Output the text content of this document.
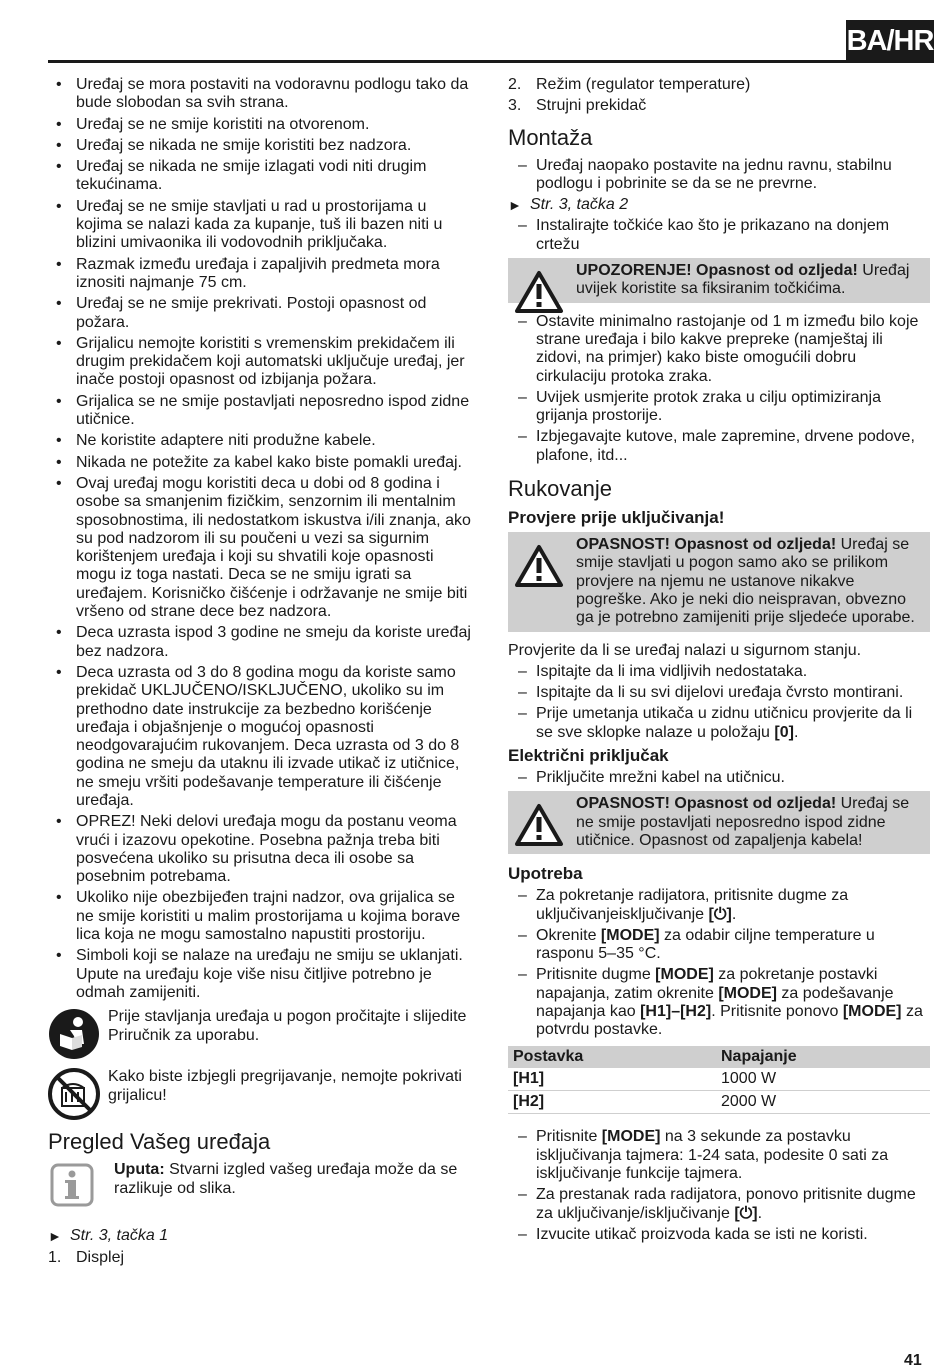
BA/HR
• Uređaj se mora postaviti na vodoravnu podlogu tako da bude slobodan sa svih strana.
• Uređaj se ne smije koristiti na otvorenom.
• Uređaj se nikada ne smije koristiti bez nadzora.
• Uređaj se nikada ne smije izlagati vodi niti drugim tekućinama.
• Uređaj se ne smije stavljati u rad u prostorijama u kojima se nalazi kada za kupanje, tuš ili bazen niti u blizini umivaonika ili vodovodnih priključaka.
• Razmak između uređaja i zapaljivih predmeta mora iznositi najmanje 75 cm.
• Uređaj se ne smije prekrivati. Postoji opasnost od požara.
• Grijalicu nemojte koristiti s vremenskim prekidačem ili drugim prekidačem koji automatski uključuje uređaj, jer inače postoji opasnost od izbijanja požara.
• Grijalica se ne smije postavljati neposredno ispod zidne utičnice.
• Ne koristite adaptere niti produžne kabele.
• Nikada ne potežite za kabel kako biste pomakli uređaj.
• Ovaj uređaj mogu koristiti deca u dobi od 8 godina i osobe sa smanjenim fizičkim, senzornim ili mentalnim sposobnostima, ili nedostatkom iskustva i/ili znanja, ako su pod nadzorom ili su poučeni u vezi sa sigurnim korištenjem uređaja i koji su shvatili koje opasnosti mogu iz toga nastati. Deca se ne smiju igrati sa uređajem. Korisničko čišćenje i održavanje ne smije biti vršeno od strane dece bez nadzora.
• Deca uzrasta ispod 3 godine ne smeju da koriste uređaj bez nadzora.
• Deca uzrasta od 3 do 8 godina mogu da koriste samo prekidač UKLJUČENO/ISKLJUČENO, ukoliko su im prethodno date instrukcije za bezbedno korišćenje uređaja i objašnjenje o mogućoj opasnosti neodgovarajućim rukovanjem. Deca uzrasta od 3 do 8 godina ne smeju da utaknu ili izvade utikač iz utičnice, ne smeju vršiti podešavanje temperature ili čišćenje uređaja.
• OPREZ! Neki delovi uređaja mogu da postanu veoma vrući i izazovu opekotine. Posebna pažnja treba biti posvećena ukoliko su prisutna deca ili osobe sa posebnim potrebama.
• Ukoliko nije obezbijeđen trajni nadzor, ova grijalica se ne smije koristiti u malim prostorijama u kojima borave lica koja ne mogu samostalno napustiti prostoriju.
• Simboli koji se nalaze na uređaju ne smiju se uklanjati. Upute na uređaju koje više nisu čitljive potrebno je odmah zamijeniti.
Prije stavljanja uređaja u pogon pročitajte i slijedite Priručnik za uporabu.
Kako biste izbjegli pregrijavanje, nemojte pokrivati grijalicu!
Pregled Vašeg uređaja
Uputa: Stvarni izgled vašeg uređaja može da se razlikuje od slika.
► Str. 3, tačka 1
1. Displej
2. Režim (regulator temperature)
3. Strujni prekidač
Montaža
– Uređaj naopako postavite na jednu ravnu, stabilnu podlogu i pobrinite se da se ne prevrne.
► Str. 3, tačka 2
– Instalirajte točkiće kao što je prikazano na donjem crtežu
UPOZORENJE! Opasnost od ozljeda! Uređaj uvijek koristite sa fiksiranim točkićima.
– Ostavite minimalno rastojanje od 1 m između bilo koje strane uređaja i bilo kakve prepreke (namještaj ili zidovi, na primjer) kako biste omogućili dobru cirkulaciju protoka zraka.
– Uvijek usmjerite protok zraka u cilju optimiziranja grijanja prostorije.
– Izbjegavajte kutove, male zapremine, drvene podove, plafone, itd...
Rukovanje
Provjere prije uključivanja!
OPASNOST! Opasnost od ozljeda! Uređaj se smije stavljati u pogon samo ako se prilikom provjere na njemu ne ustanove nikakve pogreške. Ako je neki dio neispravan, obvezno ga je potrebno zamijeniti prije sljedeće uporabe.
Provjerite da li se uređaj nalazi u sigurnom stanju.
– Ispitajte da li ima vidljivih nedostataka.
– Ispitajte da li su svi dijelovi uređaja čvrsto montirani.
– Prije umetanja utikača u zidnu utičnicu provjerite da li se sve sklopke nalaze u položaju [0].
Električni priključak
– Priključite mrežni kabel na utičnicu.
OPASNOST! Opasnost od ozljeda! Uređaj se ne smije postavljati neposredno ispod zidne utičnice. Opasnost od zapaljenja kabela!
Upotreba
– Za pokretanje radijatora, pritisnite dugme za uključivanjeisključivanje [⏻].
– Okrenite [MODE] za odabir ciljne temperature u rasponu 5–35 °C.
– Pritisnite dugme [MODE] za pokretanje postavki napajanja, zatim okrenite [MODE] za podešavanje napajanja kao [H1]–[H2]. Pritisnite ponovo [MODE] za potvrdu postavke.
Postavka	Napajanje
[H1]	1000 W
[H2]	2000 W
– Pritisnite [MODE] na 3 sekunde za postavku isključivanja tajmera: 1-24 sata, podesite 0 sati za isključivanje funkcije tajmera.
– Za prestanak rada radijatora, ponovo pritisnite dugme za uključivanje/isključivanje [⏻].
– Izvucite utikač proizvoda kada se isti ne koristi.
41
